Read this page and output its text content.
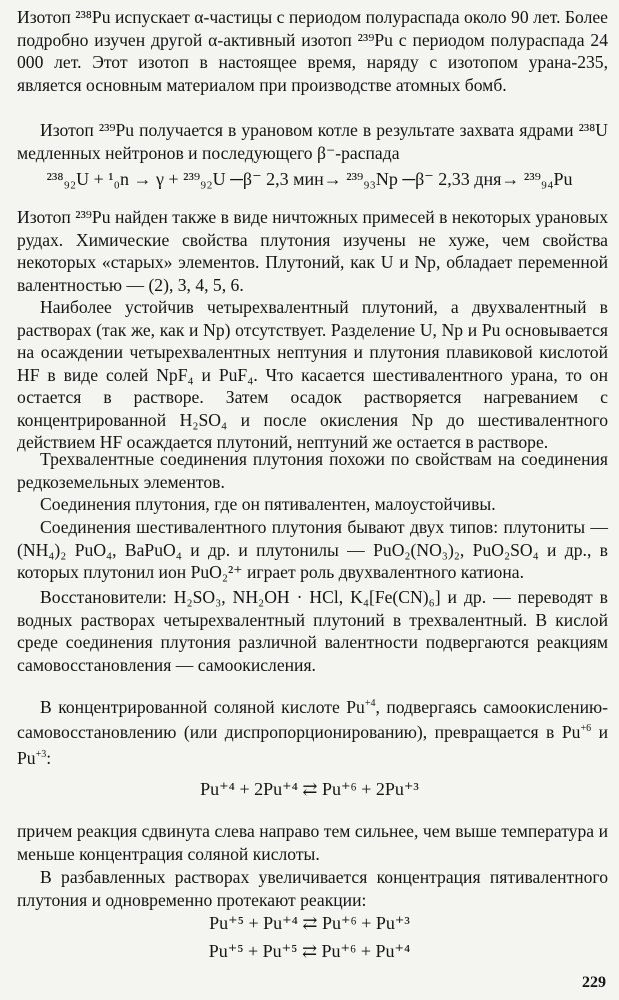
Изотоп ²³⁸Pu испускает α-частицы с периодом полураспада около 90 лет. Более подробно изучен другой α-активный изотоп ²³⁹Pu с периодом полураспада 24 000 лет. Этот изотоп в настоящее время, наряду с изотопом урана-235, является основным материалом при производстве атомных бомб.

Изотоп ²³⁹Pu получается в урановом котле в результате захвата ядрами ²³⁸U медленных нейтронов и последующего β⁻-распада

²³⁸₉₂U + ¹₀n → γ + ²³⁹₉₂U ─β⁻ 2,3 мин→ ²³⁹₉₃Np ─β⁻ 2,33 дня→ ²³⁹₉₄Pu

Изотоп ²³⁹Pu найден также в виде ничтожных примесей в некоторых урановых рудах. Химические свойства плутония изучены не хуже, чем свойства некоторых «старых» элементов. Плутоний, как U и Np, обладает переменной валентностью — (2), 3, 4, 5, 6.

Наиболее устойчив четырехвалентный плутоний, а двухвалентный в растворах (так же, как и Np) отсутствует. Разделение U, Np и Pu основывается на осаждении четырехвалентных нептуния и плутония плавиковой кислотой HF в виде солей NpF₄ и PuF₄. Что касается шестивалентного урана, то он остается в растворе. Затем осадок растворяется нагреванием с концентрированной H₂SO₄ и после окисления Np до шестивалентного действием HF осаждается плутоний, нептуний же остается в растворе.

Трехвалентные соединения плутония похожи по свойствам на соединения редкоземельных элементов.

Соединения плутония, где он пятивалентен, малоустойчивы.

Соединения шестивалентного плутония бывают двух типов: плутониты — (NH₄)₂ PuO₄, BaPuO₄ и др. и плутонилы — PuO₂(NO₃)₂, PuO₂SO₄ и др., в которых плутонил ион PuO₂²⁺ играет роль двухвалентного катиона.

Восстановители: H₂SO₃, NH₂OH · HCl, K₄[Fe(CN)₆] и др. — переводят в водных растворах четырехвалентный плутоний в трехвалентный. В кислой среде соединения плутония различной валентности подвергаются реакциям самовосстановления — самоокисления.

В концентрированной соляной кислоте $Pu^{+4}$, подвергаясь самоокислению-самовосстановлению (или диспропорционированию), превращается в $Pu^{+6}$ и $Pu^{+3}$:

Pu⁺⁴ + 2Pu⁺⁴ ⇄ Pu⁺⁶ + 2Pu⁺³

причем реакция сдвинута слева направо тем сильнее, чем выше температура и меньше концентрация соляной кислоты.

В разбавленных растворах увеличивается концентрация пятивалентного плутония и одновременно протекают реакции:

Pu⁺⁵ + Pu⁺⁴ ⇄ Pu⁺⁶ + Pu⁺³
Pu⁺⁵ + Pu⁺⁵ ⇄ Pu⁺⁶ + Pu⁺⁴
229
